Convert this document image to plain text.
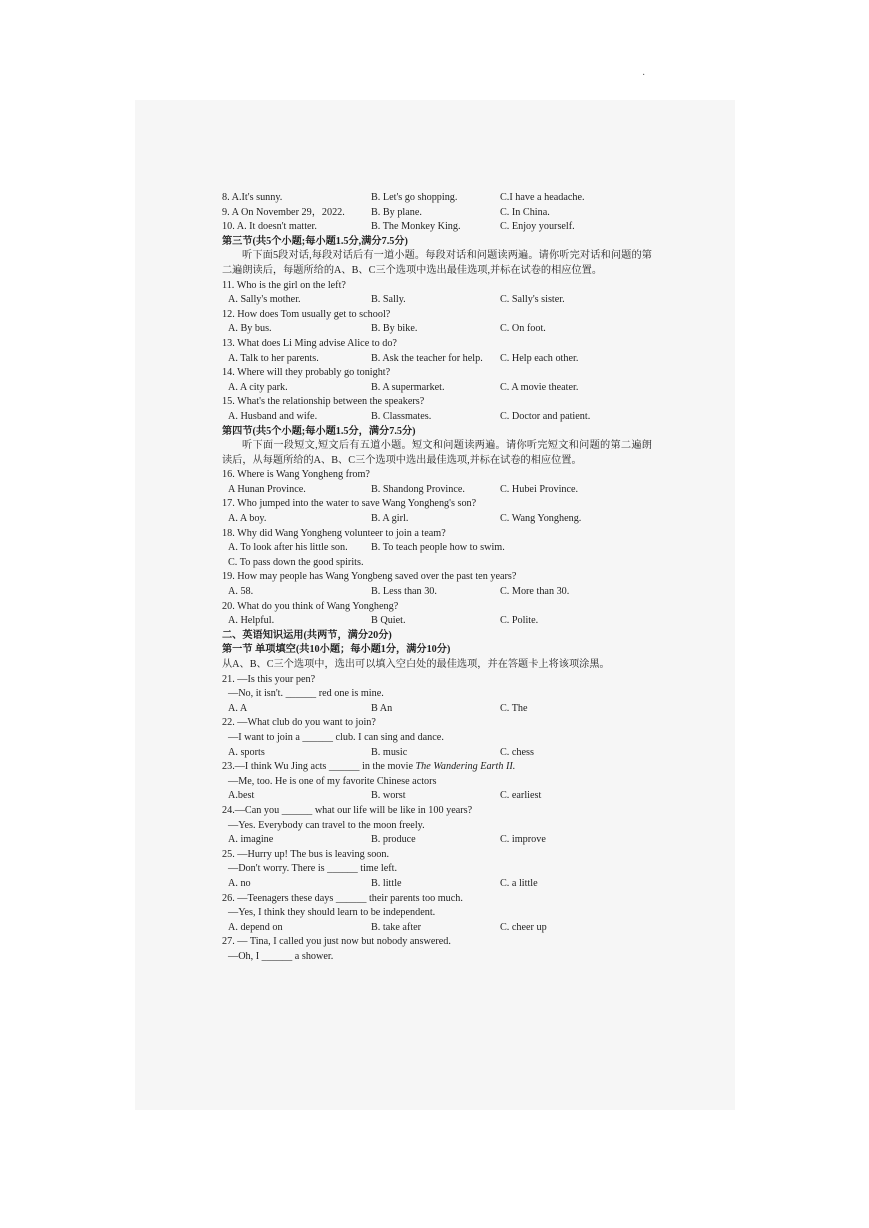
·
8. A.It's sunny.	B. Let's go shopping.	C.I have a headache.
9. A On November 29，2022.	B. By plane.	C. In China.
10. A. It doesn't matter.	B. The Monkey King.	C. Enjoy yourself.
第三节(共5个小题;每小题1.5分,满分7.5分)
听下面5段对话,每段对话后有一道小题。每段对话和问题读两遍。请你听完对话和问题的第二遍朗读后，每题所给的A、B、C三个选项中选出最佳选项,并标在试卷的相应位置。
11. Who is the girl on the left?
A. Sally's mother.	B. Sally.	C. Sally's sister.
12. How does Tom usually get to school?
A. By bus.	B. By bike.	C. On foot.
13. What does Li Ming advise Alice to do?
A. Talk to her parents.	B. Ask the teacher for help. C. Help each other.
14. Where will they probably go tonight?
A. A city park.	B. A supermarket.	C. A movie theater.
15. What's the relationship between the speakers?
A. Husband and wife.	B. Classmates.	C. Doctor and patient.
第四节(共5个小题;每小题1.5分，满分7.5分)
听下面一段短文,短文后有五道小题。短文和问题读两遍。请你听完短文和问题的第二遍朗读后，从每题所给的A、B、C三个选项中选出最佳选项,并标在试卷的相应位置。
16. Where is Wang Yongheng from?
A Hunan Province.	B. Shandong Province.	C. Hubei Province.
17. Who jumped into the water to save Wang Yongheng's son?
A. A boy.	B. A girl.	C. Wang Yongheng.
18. Why did Wang Yongheng volunteer to join a team?
A. To look after his little son. B. To teach people how to swim.
C. To pass down the good spirits.
19. How may people has Wang Yongbeng saved over the past ten years?
A. 58.	B. Less than 30.	C. More than 30.
20. What do you think of Wang Yongheng?
A. Helpful.	B Quiet.	C. Polite.
二、英语知识运用(共两节，满分20分)
第一节 单项填空(共10小题；每小题1分，满分10分)
从A、B、C三个选项中，选出可以填入空白处的最佳选项，并在答题卡上将该项涂黑。
21. —Is this your pen?
—No, it isn't. ______ red one is mine.
A. A	B An	C. The
22. —What club do you want to join?
—I want to join a ______ club. I can sing and dance.
A. sports	B. music	C. chess
23.—I think Wu Jing acts ______ in the movie The Wandering Earth II.
—Me, too. He is one of my favorite Chinese actors
A.best	B. worst	C. earliest
24.—Can you ______ what our life will be like in 100 years?
—Yes. Everybody can travel to the moon freely.
A. imagine	B. produce	C. improve
25. —Hurry up! The bus is leaving soon.
—Don't worry. There is ______ time left.
A. no	B. little	C. a little
26. —Teenagers these days ______ their parents too much.
—Yes, I think they should learn to be independent.
A. depend on	B. take after	C. cheer up
27. — Tina, I called you just now but nobody answered.
—Oh, I ______ a shower.
